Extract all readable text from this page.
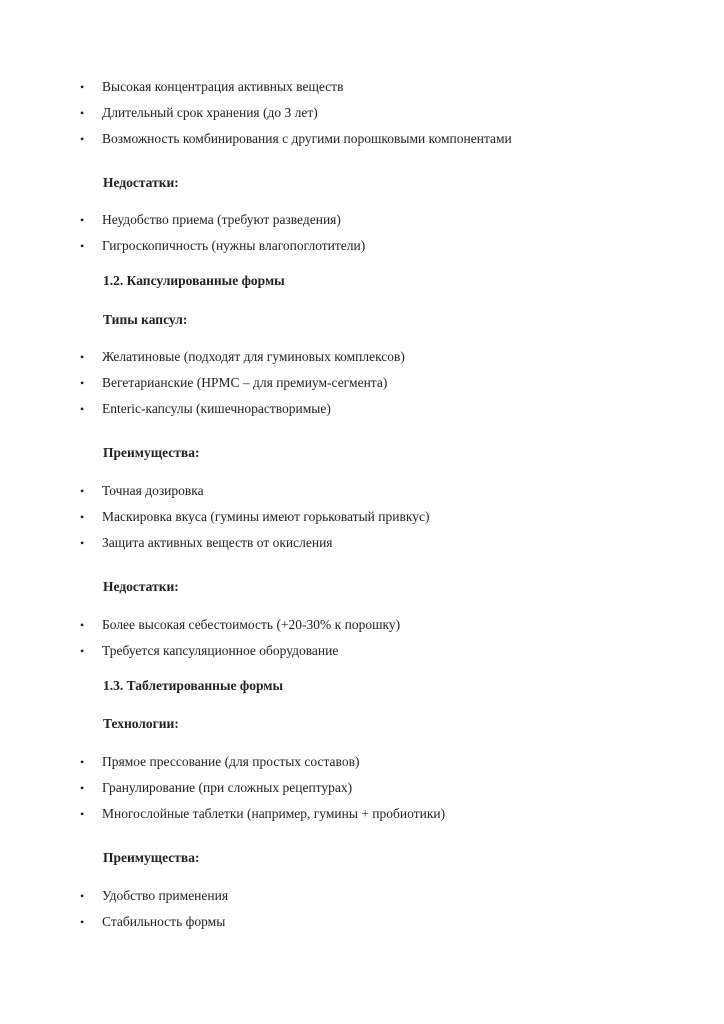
• Высокая концентрация активных веществ
• Длительный срок хранения (до 3 лет)
• Возможность комбинирования с другими порошковыми компонентами
Недостатки:
• Неудобство приема (требуют разведения)
• Гигроскопичность (нужны влагопоглотители)
1.2. Капсулированные формы
Типы капсул:
• Желатиновые (подходят для гуминовых комплексов)
• Вегетарианские (HPMC – для премиум-сегмента)
• Enteric-капсулы (кишечнорастворимые)
Преимущества:
• Точная дозировка
• Маскировка вкуса (гумины имеют горьковатый привкус)
• Защита активных веществ от окисления
Недостатки:
• Более высокая себестоимость (+20-30% к порошку)
• Требуется капсуляционное оборудование
1.3. Таблетированные формы
Технологии:
• Прямое прессование (для простых составов)
• Гранулирование (при сложных рецептурах)
• Многослойные таблетки (например, гумины + пробиотики)
Преимущества:
• Удобство применения
• Стабильность формы
